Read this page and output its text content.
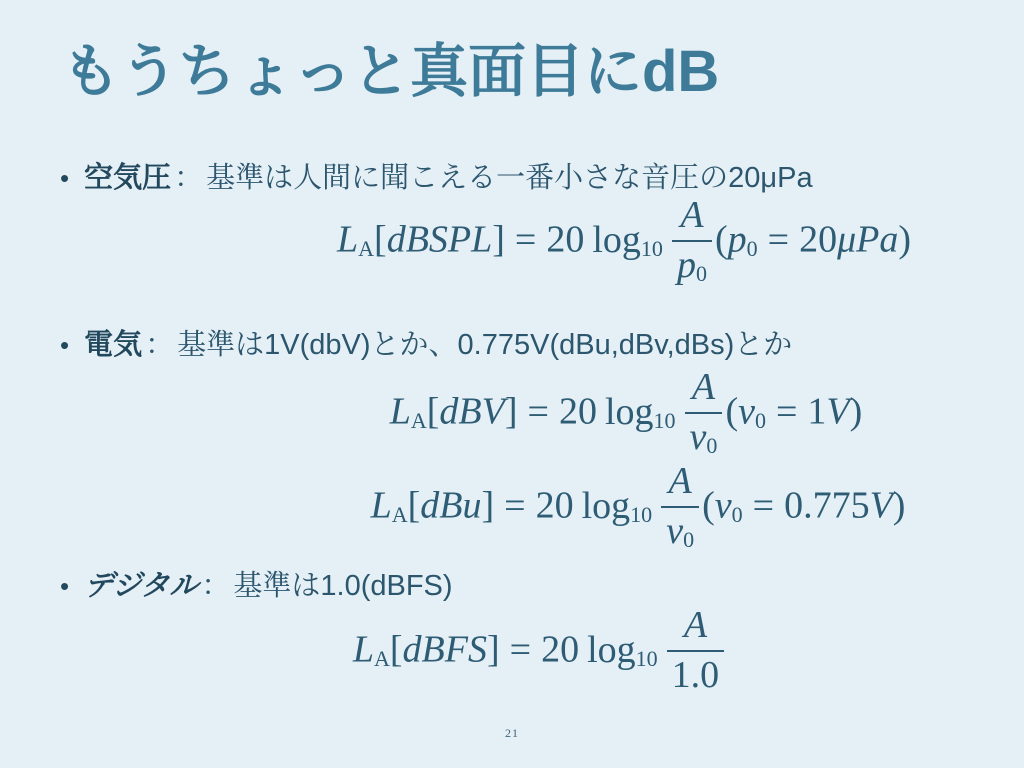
もうちょっと真面目にdB
• 空気圧 ： 基準は人間に聞こえる一番小さな音圧の20μPa
$L_A[dBSPL] = 20$ $\log_{10} \frac{A}{p_0} (p_0 = 20\mu Pa)$
• 電気 ： 基準は1V(dbV)とか、0.775V(dBu,dBv,dBs)とか
$L_A[dBV] = 20$ $\log_{10} \frac{A}{v_0} (v_0 = 1V)$
$L_A[dBu] = 20$ $\log_{10} \frac{A}{v_0} (v_0 = 0.775V)$
• デジタル ： 基準は1.0(dBFS)
$L_A[dBFS] = 20$ $\log_{10} \frac{A}{1.0}$
21
